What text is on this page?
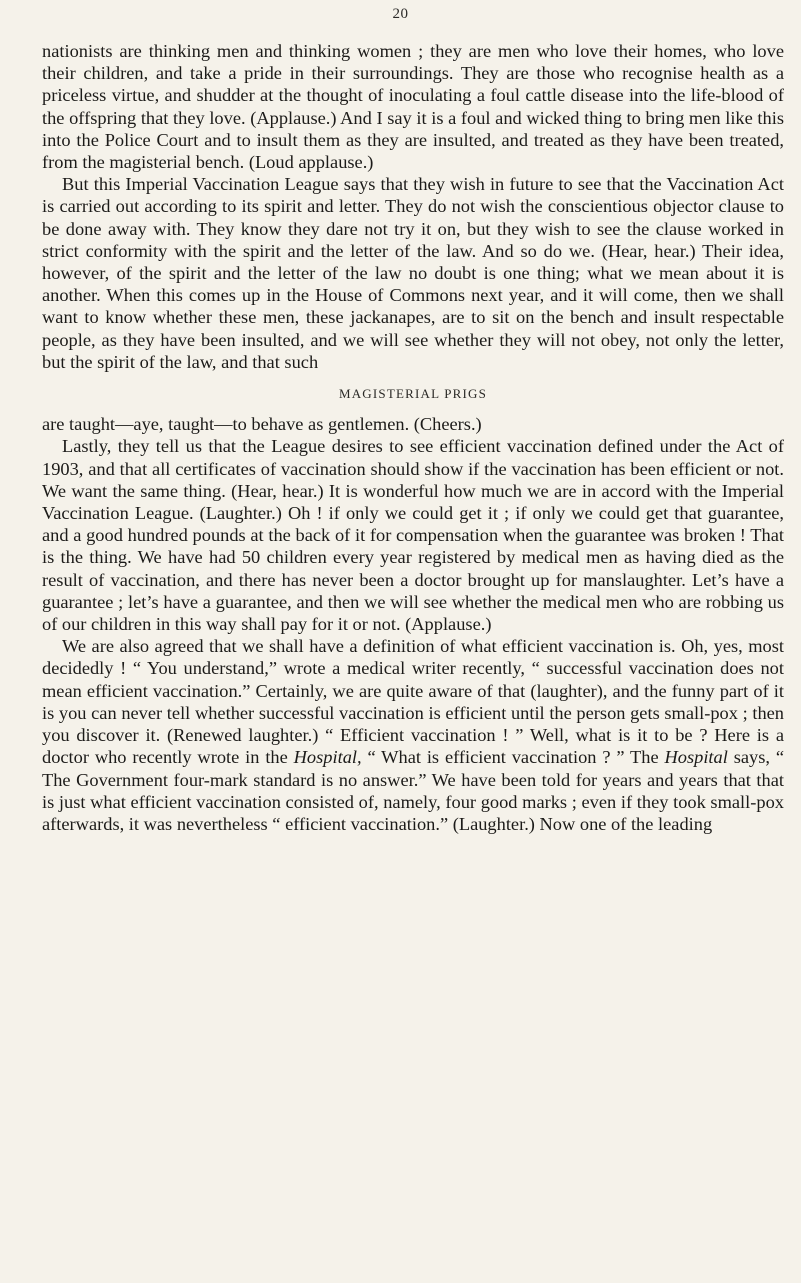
20

nationists are thinking men and thinking women ; they are men who love their homes, who love their children, and take a pride in their surroundings. They are those who recognise health as a priceless virtue, and shudder at the thought of inoculating a foul cattle disease into the life-blood of the offspring that they love. (Applause.) And I say it is a foul and wicked thing to bring men like this into the Police Court and to insult them as they are insulted, and treated as they have been treated, from the magisterial bench. (Loud applause.)

But this Imperial Vaccination League says that they wish in future to see that the Vaccination Act is carried out according to its spirit and letter. They do not wish the conscientious objector clause to be done away with. They know they dare not try it on, but they wish to see the clause worked in strict conformity with the spirit and the letter of the law. And so do we. (Hear, hear.) Their idea, however, of the spirit and the letter of the law no doubt is one thing; what we mean about it is another. When this comes up in the House of Commons next year, and it will come, then we shall want to know whether these men, these jackanapes, are to sit on the bench and insult respectable people, as they have been insulted, and we will see whether they will not obey, not only the letter, but the spirit of the law, and that such

MAGISTERIAL PRIGS

are taught—aye, taught—to behave as gentlemen. (Cheers.)

Lastly, they tell us that the League desires to see efficient vaccination defined under the Act of 1903, and that all certificates of vaccination should show if the vaccination has been efficient or not. We want the same thing. (Hear, hear.) It is wonderful how much we are in accord with the Imperial Vaccination League. (Laughter.) Oh ! if only we could get it ; if only we could get that guarantee, and a good hundred pounds at the back of it for compensation when the guarantee was broken ! That is the thing. We have had 50 children every year registered by medical men as having died as the result of vaccination, and there has never been a doctor brought up for manslaughter. Let’s have a guarantee ; let’s have a guarantee, and then we will see whether the medical men who are robbing us of our children in this way shall pay for it or not. (Applause.)

We are also agreed that we shall have a definition of what efficient vaccination is. Oh, yes, most decidedly ! “ You understand,” wrote a medical writer recently, “ successful vaccination does not mean efficient vaccination.” Certainly, we are quite aware of that (laughter), and the funny part of it is you can never tell whether successful vaccination is efficient until the person gets small-pox ; then you discover it. (Renewed laughter.) “ Efficient vaccination ! ” Well, what is it to be ? Here is a doctor who recently wrote in the Hospital, “ What is efficient vaccination ? ” The Hospital says, “ The Government four-mark standard is no answer.” We have been told for years and years that that is just what efficient vaccination consisted of, namely, four good marks ; even if they took small-pox afterwards, it was nevertheless “ efficient vaccination.” (Laughter.) Now one of the leading
